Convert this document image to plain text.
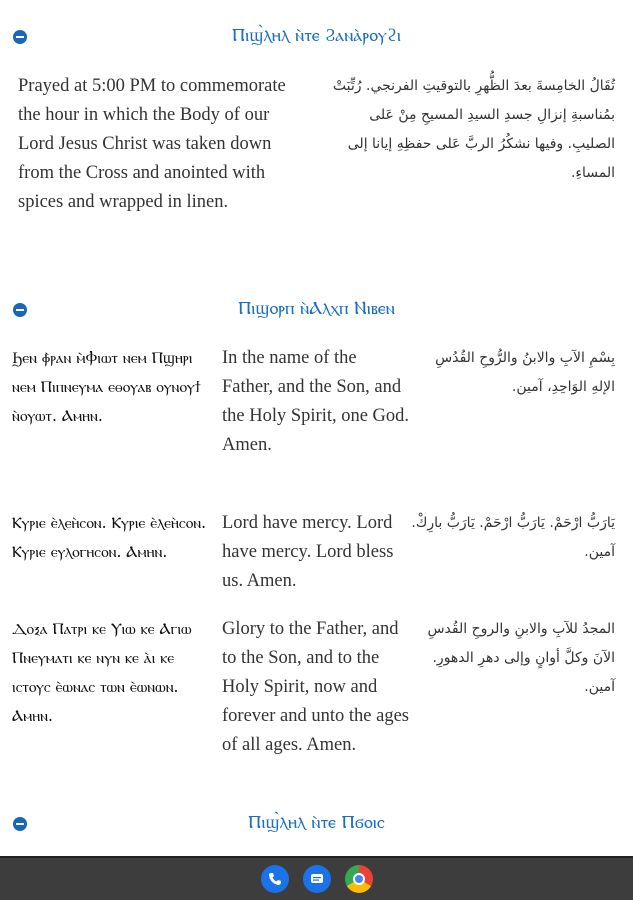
Ⲡⲓϣ̀ⲗⲏⲗ ⲛ̀ⲧⲉ Ϩⲁⲛⲁ̀ⲣⲟⲩϩⲓ
Prayed at 5:00 PM to commemorate the hour in which the Body of our Lord Jesus Christ was taken down from the Cross and anointed with spices and wrapped in linen.
تُقَالُ الخامِسةَ بعدَ الظُّهرِ بالتوقيتِ الفرنجي. رُتِّبَتْ بمُناسبةِ إنزالِ جسدِ السيدِ المسيحِ مِنْ عَلى الصليبِ. وفيها نشكُرُ الربَّ عَلى حفظِهِ إيانا إلى المساءِ.
Ⲡⲓϣⲟⲣⲡ ⲛ̀Ⲁⲗⲭⲡ Ⲛⲓⲃⲉⲛ
Ϧⲉⲛ ⲫ̀ⲣⲁⲛ ⲙ̀Ⲫⲓⲱⲧ ⲛⲉⲙ Ⲡϣⲏⲣⲓ ⲛⲉⲙ Ⲡⲓⲡⲛⲉⲩⲙⲁ ⲉⲑⲟⲩⲁⲃ ⲟⲩⲛⲟⲩϯ ⲛ̀ⲟⲩⲱⲧ. Ⲁⲙⲏⲛ.
In the name of the Father, and the Son, and the Holy Spirit, one God. Amen.
بِسْمِ الآبِ والابنُ والرُّوحِ القُدُسِ الإلهِ الوَاحِدِ، آمين.
Ⲕⲩⲣⲓⲉ ⲉ̀ⲗⲉⲏ̀ⲥⲟⲛ. Ⲕⲩⲣⲓⲉ ⲉ̀ⲗⲉⲏ̀ⲥⲟⲛ. Ⲕⲩⲣⲓⲉ ⲉⲩⲗⲟⲅⲏⲥⲟⲛ. Ⲁⲙⲏⲛ.
Lord have mercy. Lord have mercy. Lord bless us. Amen.
يَارَبُّ ارْحَمْ. يَارَبُّ ارْحَمْ. يَارَبُّ بارِكْ. آمين.
Ⲇⲟⲝⲁ Ⲡⲁⲧⲣⲓ ⲕⲉ Ⲩⲓⲱ ⲕⲉ Ⲁⲅⲓⲱ Ⲡⲛⲉⲩⲙⲁⲧⲓ ⲕⲉ ⲛⲩⲛ ⲕⲉ ⲁ̀ⲓ ⲕⲉ ⲓⲥⲧⲟⲩⲥ ⲉ̀ⲱⲛⲁⲥ ⲧⲱⲛ ⲉ̀ⲱⲛⲱⲛ. Ⲁⲙⲏⲛ.
Glory to the Father, and to the Son, and to the Holy Spirit, now and forever and unto the ages of all ages. Amen.
المجدُ للآبِ والابنِ والروحِ القُدسِ الآنَ وكلَّ أوانٍ وإلى دهرِ الدهورِ. آمين.
Ⲡⲓϣ̀ⲗⲏⲗ ⲛ̀ⲧⲉ Ⲡϭⲟⲓⲥ
